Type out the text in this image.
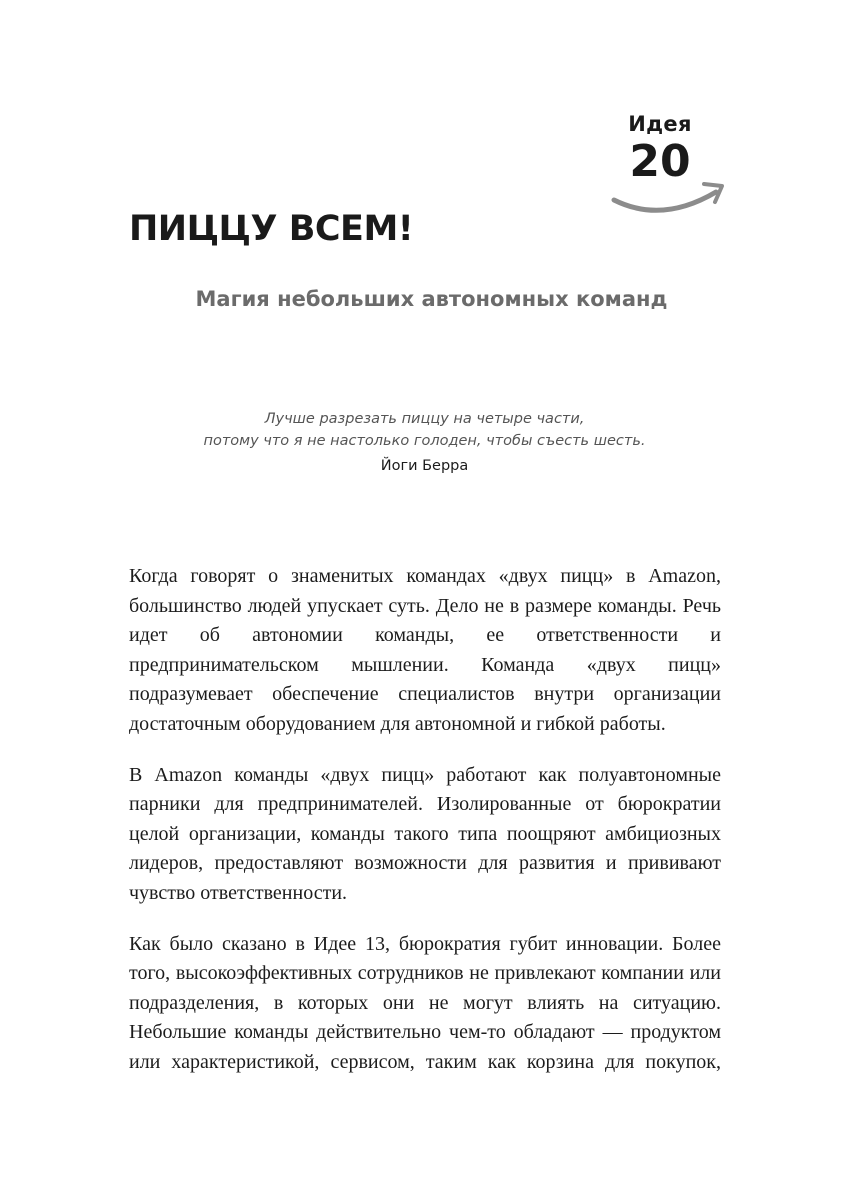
Идея
20
ПИЦЦУ ВСЕМ!
Магия небольших автономных команд
Лучше разрезать пиццу на четыре части,
потому что я не настолько голоден, чтобы съесть шесть.
Йоги Берра

Когда говорят о знаменитых командах «двух пицц» в Amazon, большинство людей упускает суть. Дело не в размере команды. Речь идет об автономии команды, ее ответственности и предпринимательском мышлении. Команда «двух пицц» подразумевает обеспечение специалистов внутри организации достаточным оборудованием для автономной и гибкой работы.

В Amazon команды «двух пицц» работают как полуавтономные парники для предпринимателей. Изолированные от бюрократии целой организации, команды такого типа поощряют амбициозных лидеров, предоставляют возможности для развития и прививают чувство ответственности.

Как было сказано в Идее 13, бюрократия губит инновации. Более того, высокоэффективных сотрудников не привлекают компании или подразделения, в которых они не могут влиять на ситуацию. Небольшие команды действительно чем-то обладают — продуктом или характеристикой, сервисом, таким как корзина для покупок,
